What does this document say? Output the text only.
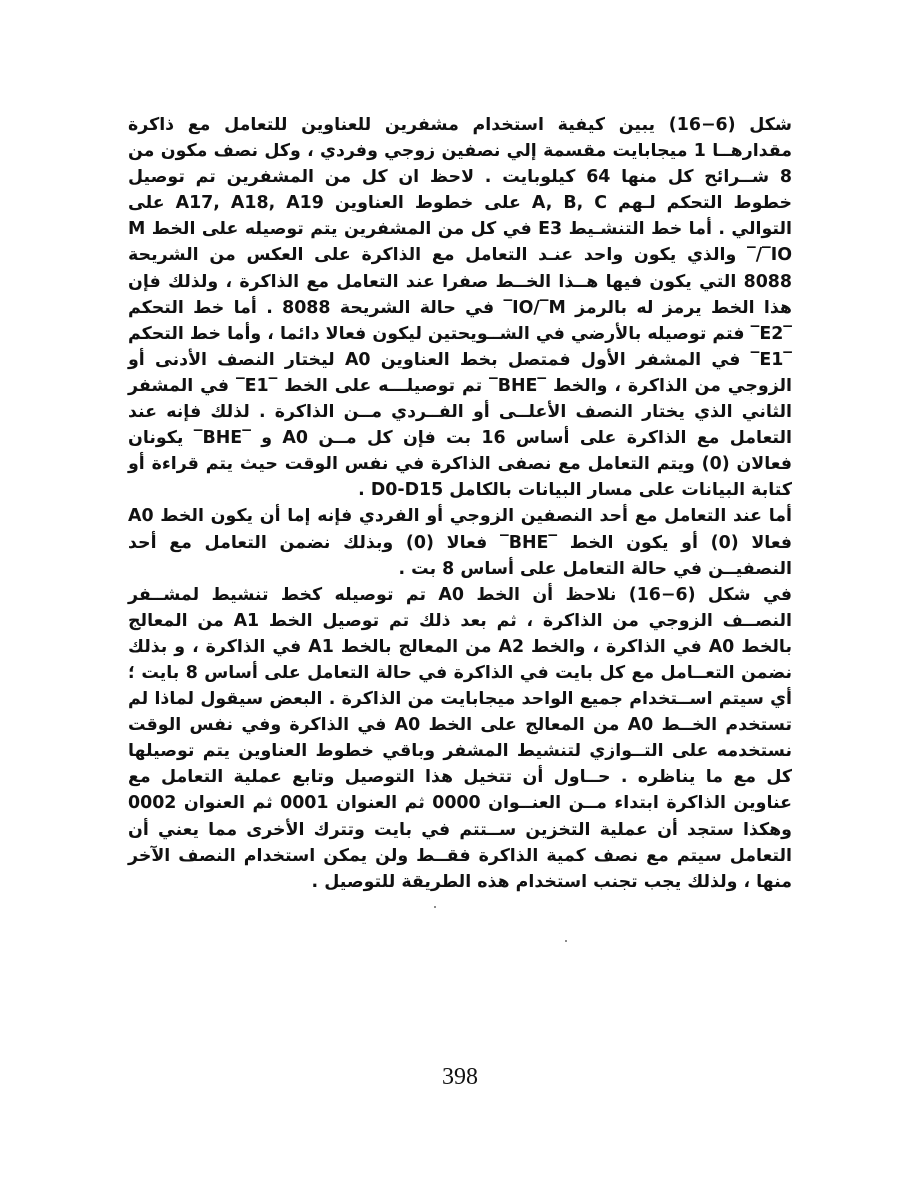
شكل (6−16) يبين كيفية استخدام مشفرين للعناوين للتعامل مع ذاكرة مقدارهــا 1 ميجابايت مقسمة إلي نصفين زوجي وفردي ، وكل نصف مكون من 8 شــرائح كل منها 64 كيلوبايت . لاحظ ان كل من المشفرين تم توصيل خطوط التحكم لـهم A, B, C على خطوط العناوين A17, A18, A19 على التوالي . أما خط التنشـيط E3 في كل من المشفرين يتم توصيله على الخط M /‾IO‾ والذي يكون واحد عنـد التعامل مع الذاكرة على العكس من الشريحة 8088 التي يكون فيها هــذا الخــط صفرا عند التعامل مع الذاكرة ، ولذلك فإن هذا الخط يرمز له بالرمز IO/‾M‾ في حالة الشريحة 8088 . أما خط التحكم ‾E2‾ فتم توصيله بالأرضي في الشــويحتين ليكون فعالا دائما ، وأما خط التحكم ‾E1‾ في المشفر الأول فمتصل بخط العناوين A0 ليختار النصف الأدنى أو الزوجي من الذاكرة ، والخط ‾BHE‾ تم توصيلـــه على الخط ‾E1‾ في المشفر الثاني الذي يختار النصف الأعلــى أو الفــردي مــن الذاكرة . لذلك فإنه عند التعامل مع الذاكرة على أساس 16 بت فإن كل مــن A0 و ‾BHE‾ يكونان فعالان (0) ويتم التعامل مع نصفى الذاكرة في نفس الوقت حيث يتم قراءة أو كتابة البيانات على مسار البيانات بالكامل D0-D15 .

أما عند التعامل مع أحد النصفين الزوجي أو الفردي فإنه إما أن يكون الخط A0 فعالا (0) أو يكون الخط ‾BHE‾ فعالا (0) وبذلك نضمن التعامل مع أحد النصفيــن في حالة التعامل على أساس 8 بت .

في شكل (6−16) نلاحظ أن الخط A0 تم توصيله كخط تنشيط لمشــفر النصــف الزوجي من الذاكرة ، ثم بعد ذلك تم توصيل الخط A1 من المعالج بالخط A0 في الذاكرة ، والخط A2 من المعالج بالخط A1 في الذاكرة ، و بذلك نضمن التعــامل مع كل بايت في الذاكرة في حالة التعامل على أساس 8 بايت ؛ أي سيتم اســتخدام جميع الواحد ميجابايت من الذاكرة . البعض سيقول لماذا لم تستخدم الخــط A0 من المعالج على الخط A0 في الذاكرة وفي نفس الوقت نستخدمه على التــوازي لتنشيط المشفر وباقي خطوط العناوين يتم توصيلها كل مع ما يناظره . حــاول أن تتخيل هذا التوصيل وتابع عملية التعامل مع عناوين الذاكرة ابتداء مــن العنــوان 0000 ثم العنوان 0001 ثم العنوان 0002 وهكذا ستجد أن عملية التخزين ســتتم في بايت وتترك الأخرى مما يعني أن التعامل سيتم مع نصف كمية الذاكرة فقــط ولن يمكن استخدام النصف الآخر منها ، ولذلك يجب تجنب استخدام هذه الطريقة للتوصيل .

398
